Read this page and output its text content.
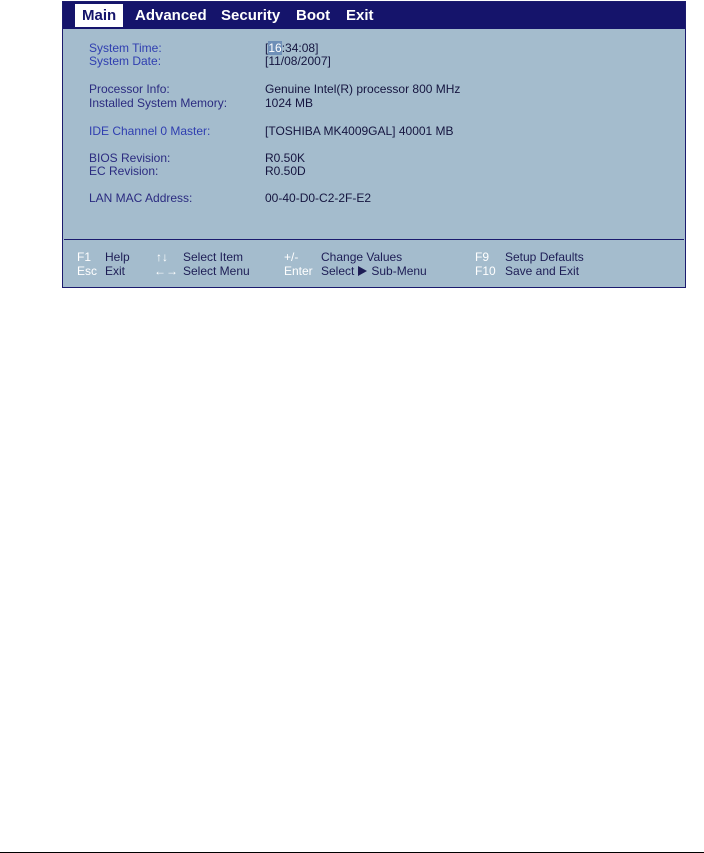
Main	Advanced Security Boot Exit
System Time:	[16:34:08]
System Date:	[11/08/2007]
Processor Info:	Genuine Intel(R) processor 800 MHz
Installed System Memory:	1024 MB
IDE Channel 0 Master:	[TOSHIBA MK4009GAL] 40001 MB
BIOS Revision:	R0.50K
EC Revision:	R0.50D
LAN MAC Address:	00-40-D0-C2-2F-E2
F1 Help
Esc Exit
↑↓ Select Item
←→ Select Menu
+/- Change Values
Enter Select Sub-Menu
F9 Setup Defaults
F10 Save and Exit
